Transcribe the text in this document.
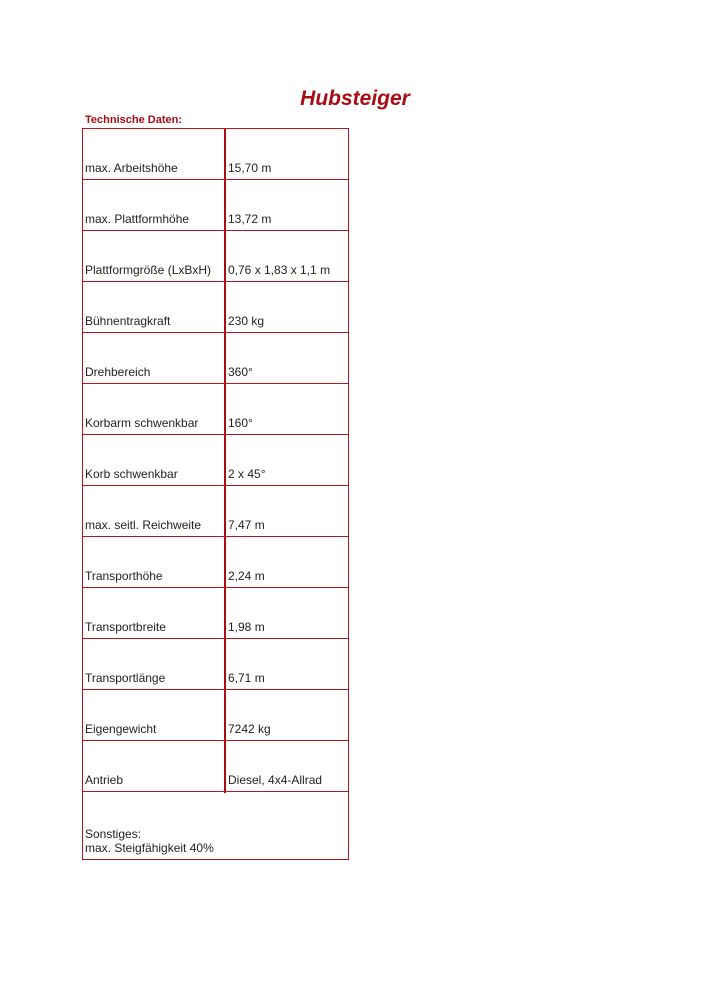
Hubsteiger
Technische Daten:
max. Arbeitshöhe	15,70 m
max. Plattformhöhe	13,72 m
Plattformgröße (LxBxH) 0,76 x 1,83 x 1,1 m
Bühnentragkraft	230 kg
Drehbereich	360°
Korbarm schwenkbar 160°
Korb schwenkbar	2 x 45°
max. seitl. Reichweite 7,47 m
Transporthöhe	2,24 m
Transportbreite	1,98 m
Transportlänge	6,71 m
Eigengewicht	7242 kg
Antrieb	Diesel, 4x4-Allrad
Sonstiges:
max. Steigfähigkeit 40%
